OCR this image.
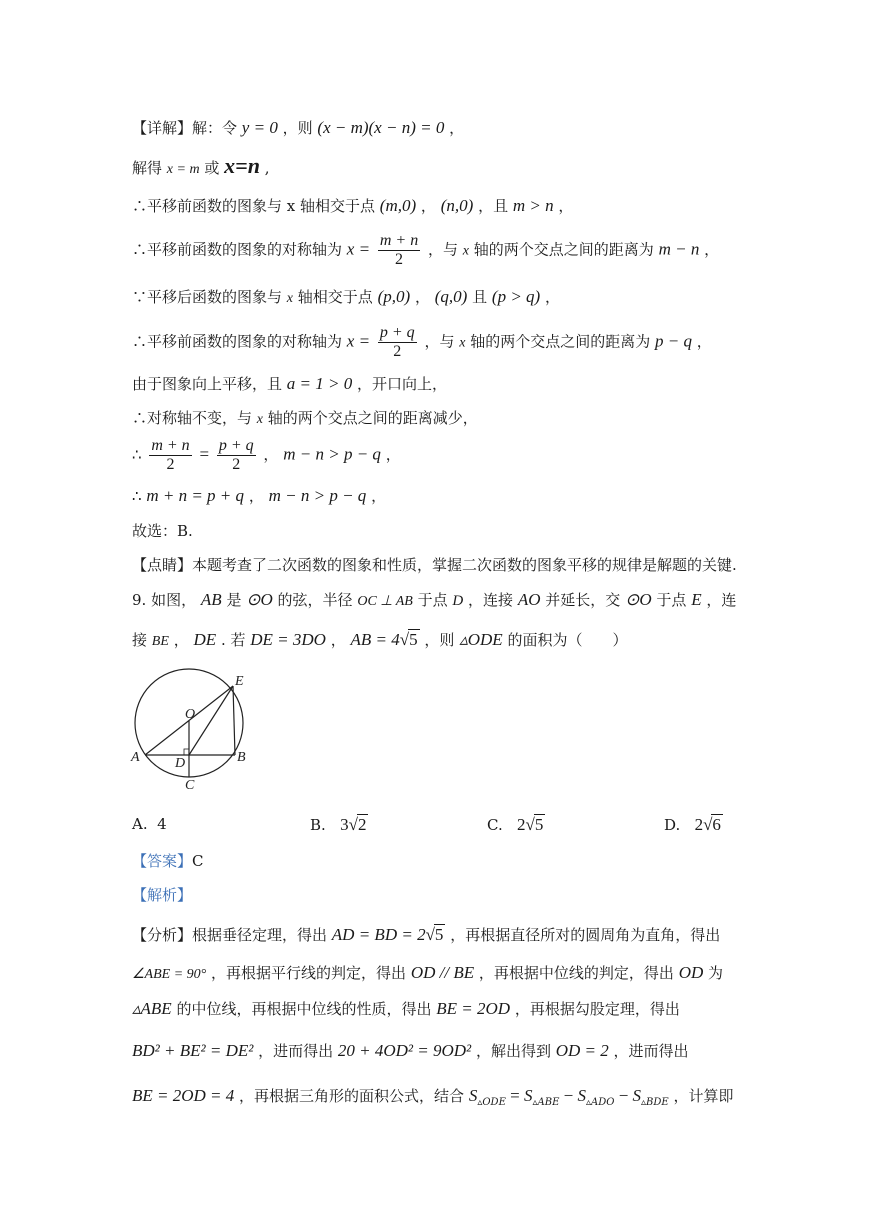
【详解】解：令 y = 0 ，则 (x − m)(x − n) = 0 ，
解得 x = m 或 x=n ,
∴平移前函数的图象与 x 轴相交于点 (m,0) ， (n,0) ，且 m > n ，
∴平移前函数的图象的对称轴为 $x = \frac{m + n}{2}$ ，与 x 轴的两个交点之间的距离为 m − n ，
∵平移后函数的图象与 x 轴相交于点 (p,0) ， (q,0) 且 (p > q) ，
∴平移前函数的图象的对称轴为 $x = \frac{p + q}{2}$ ，与 x 轴的两个交点之间的距离为 p − q ，
由于图象向上平移，且 a = 1 > 0 ，开口向上，
∴对称轴不变，与 x 轴的两个交点之间的距离减少，
∴ $\frac{m + n}{2} = \frac{p + q}{2}$ ， m − n > p − q ，
∴ m + n = p + q ， m − n > p − q ，
故选：B.
【点睛】本题考查了二次函数的图象和性质，掌握二次函数的图象平移的规律是解题的关键.
9. 如图， AB 是 ⊙O 的弦，半径 OC ⊥ AB 于点 D ，连接 AO 并延长，交 ⊙O 于点 E ，连
接 BE ， DE . 若 DE = 3DO ， AB = 4√5 ，则 ▵ODE 的面积为（　　）
E
O
A	D	B
C
A. 4	B. 3√2	C. 2√5	D. 2√6
【答案】C
【解析】
【分析】根据垂径定理，得出 AD = BD = 2√5 ，再根据直径所对的圆周角为直角，得出
∠ABE = 90° ，再根据平行线的判定，得出 OD // BE ，再根据中位线的判定，得出 OD 为
▵ABE 的中位线，再根据中位线的性质，得出 BE = 2OD ，再根据勾股定理，得出
BD² + BE² = DE² ，进而得出 20 + 4OD² = 9OD² ，解出得到 OD = 2 ，进而得出
BE = 2OD = 4 ，再根据三角形的面积公式，结合 $S_{▵ODE} = S_{▵ABE} - S_{▵ADO} - S_{▵BDE}$ ，计算即
